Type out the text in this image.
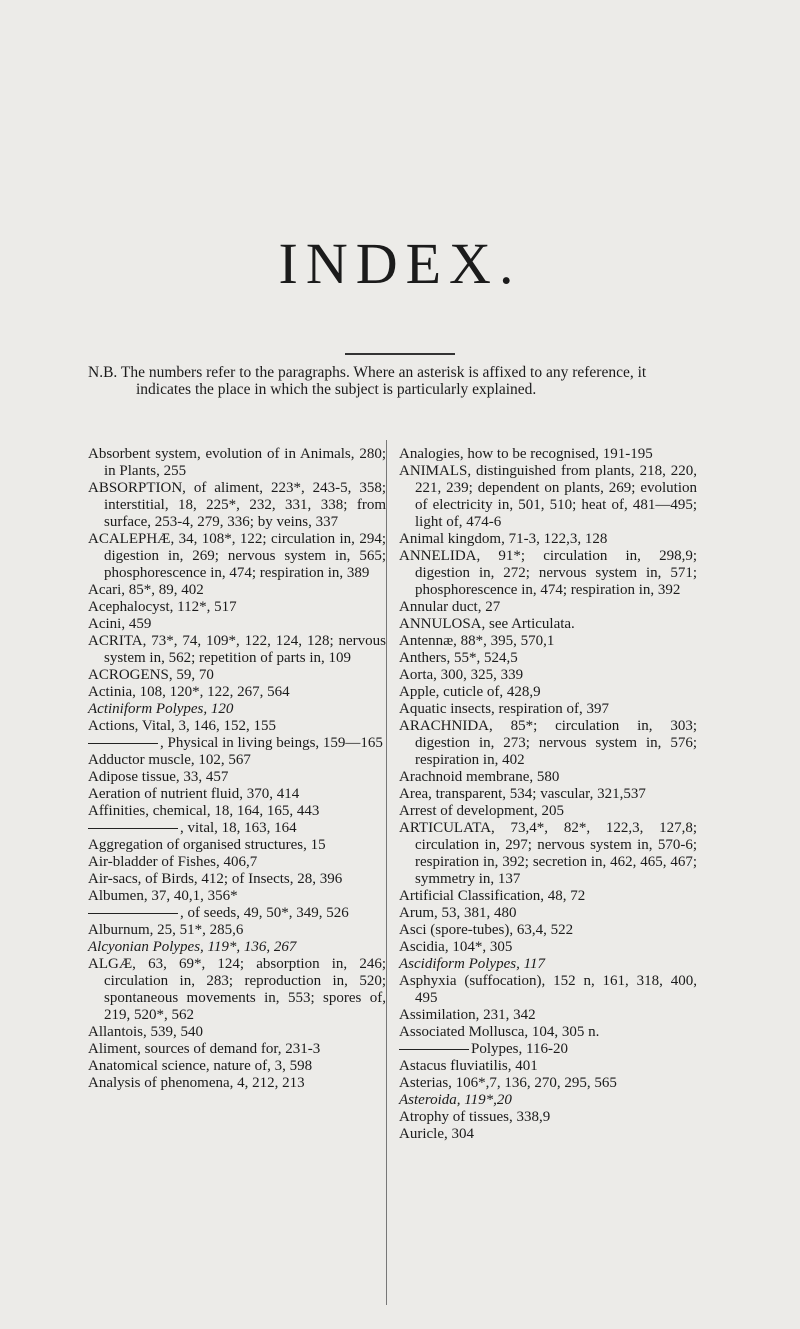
INDEX.

N.B. The numbers refer to the paragraphs. Where an asterisk is affixed to any reference, it

indicates the place in which the subject is particularly explained.

Absorbent system, evolution of in Animals, 280; in Plants, 255

ABSORPTION, of aliment, 223*, 243-5, 358; interstitial, 18, 225*, 232, 331, 338; from surface, 253-4, 279, 336; by veins, 337

ACALEPHÆ, 34, 108*, 122; circulation in, 294; digestion in, 269; nervous system in, 565; phosphorescence in, 474; respiration in, 389

Acari, 85*, 89, 402

Acephalocyst, 112*, 517

Acini, 459

ACRITA, 73*, 74, 109*, 122, 124, 128; nervous system in, 562; repetition of parts in, 109

ACROGENS, 59, 70

Actinia, 108, 120*, 122, 267, 564

Actiniform Polypes, 120

Actions, Vital, 3, 146, 152, 155

, Physical in living beings, 159—165

Adductor muscle, 102, 567

Adipose tissue, 33, 457

Aeration of nutrient fluid, 370, 414

Affinities, chemical, 18, 164, 165, 443

, vital, 18, 163, 164

Aggregation of organised structures, 15

Air-bladder of Fishes, 406,7

Air-sacs, of Birds, 412; of Insects, 28, 396

Albumen, 37, 40,1, 356*

, of seeds, 49, 50*, 349, 526

Alburnum, 25, 51*, 285,6

Alcyonian Polypes, 119*, 136, 267

ALGÆ, 63, 69*, 124; absorption in, 246; circulation in, 283; reproduction in, 520; spontaneous movements in, 553; spores of, 219, 520*, 562

Allantois, 539, 540

Aliment, sources of demand for, 231-3

Anatomical science, nature of, 3, 598

Analysis of phenomena, 4, 212, 213

Analogies, how to be recognised, 191-195

ANIMALS, distinguished from plants, 218, 220, 221, 239; dependent on plants, 269; evolution of electricity in, 501, 510; heat of, 481—495; light of, 474-6

Animal kingdom, 71-3, 122,3, 128

ANNELIDA, 91*; circulation in, 298,9; digestion in, 272; nervous system in, 571; phosphorescence in, 474; respiration in, 392

Annular duct, 27

ANNULOSA, see Articulata.

Antennæ, 88*, 395, 570,1

Anthers, 55*, 524,5

Aorta, 300, 325, 339

Apple, cuticle of, 428,9

Aquatic insects, respiration of, 397

ARACHNIDA, 85*; circulation in, 303; digestion in, 273; nervous system in, 576; respiration in, 402

Arachnoid membrane, 580

Area, transparent, 534; vascular, 321,537

Arrest of development, 205

ARTICULATA, 73,4*, 82*, 122,3, 127,8; circulation in, 297; nervous system in, 570-6; respiration in, 392; secretion in, 462, 465, 467; symmetry in, 137

Artificial Classification, 48, 72

Arum, 53, 381, 480

Asci (spore-tubes), 63,4, 522

Ascidia, 104*, 305

Ascidiform Polypes, 117

Asphyxia (suffocation), 152 n, 161, 318, 400, 495

Assimilation, 231, 342

Associated Mollusca, 104, 305 n.

Polypes, 116-20

Astacus fluviatilis, 401

Asterias, 106*,7, 136, 270, 295, 565

Asteroida, 119*,20

Atrophy of tissues, 338,9

Auricle, 304
